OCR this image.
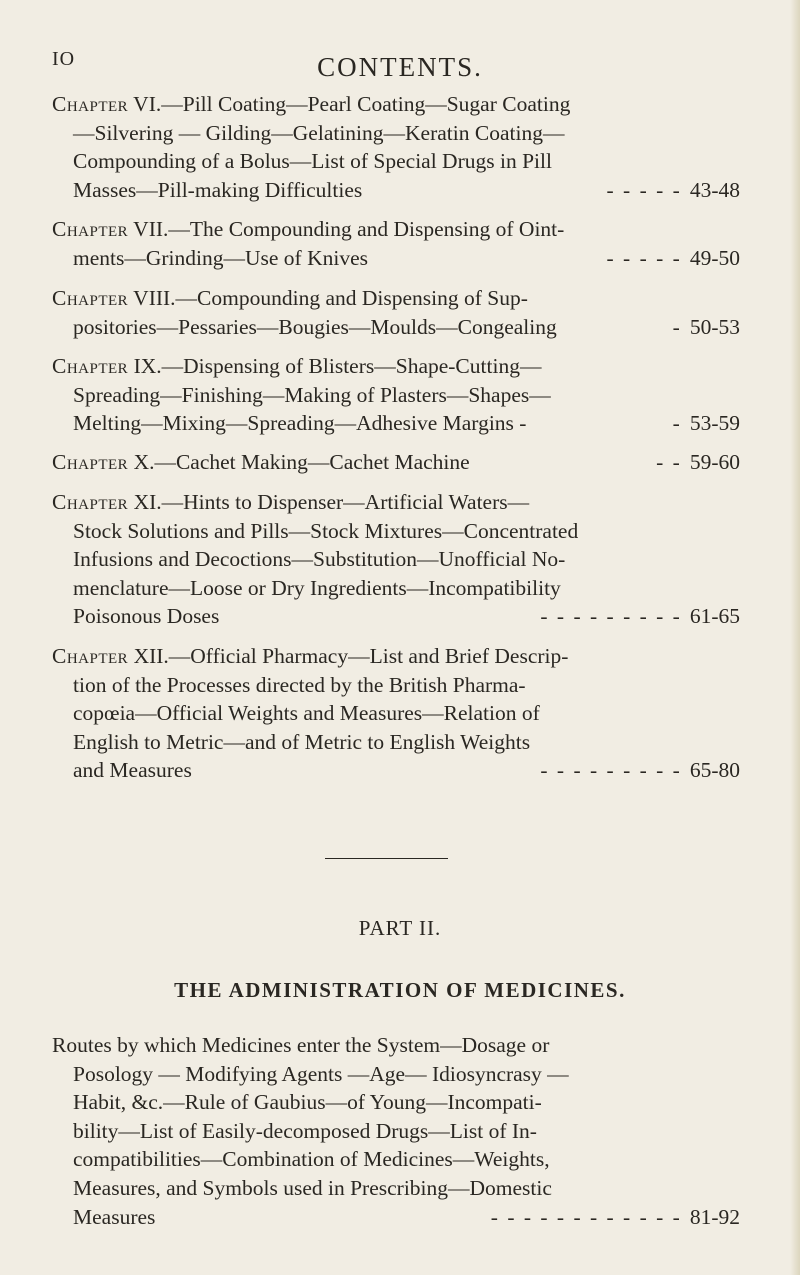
IO	CONTENTS.
Chapter VI.—Pill Coating—Pearl Coating—Sugar Coating
—Silvering — Gilding—Gelatining—Keratin Coating—
Compounding of a Bolus—List of Special Drugs in Pill
Masses—Pill-making Difficulties	- - - - - 43-48
Chapter VII.—The Compounding and Dispensing of Oint-
ments—Grinding—Use of Knives	- - - - - 49-50
Chapter VIII.—Compounding and Dispensing of Sup-
positories—Pessaries—Bougies—Moulds—Congealing	- 50-53
Chapter IX.—Dispensing of Blisters—Shape-Cutting—
Spreading—Finishing—Making of Plasters—Shapes—
Melting—Mixing—Spreading—Adhesive Margins -	- 53-59
Chapter X.—Cachet Making—Cachet Machine	- - 59-60
Chapter XI.—Hints to Dispenser—Artificial Waters—
Stock Solutions and Pills—Stock Mixtures—Concentrated
Infusions and Decoctions—Substitution—Unofficial No-
menclature—Loose or Dry Ingredients—Incompatibility
Poisonous Doses	- - - - - - - - - 61-65
Chapter XII.—Official Pharmacy—List and Brief Descrip-
tion of the Processes directed by the British Pharma-
copœia—Official Weights and Measures—Relation of
English to Metric—and of Metric to English Weights
and Measures	- - - - - - - - - 65-80
PART II.
THE ADMINISTRATION OF MEDICINES.
Routes by which Medicines enter the System—Dosage or
Posology — Modifying Agents —Age— Idiosyncrasy —
Habit, &c.—Rule of Gaubius—of Young—Incompati-
bility—List of Easily-decomposed Drugs—List of In-
compatibilities—Combination of Medicines—Weights,
Measures, and Symbols used in Prescribing—Domestic
Measures	- - - - - - - - - - - - 81-92
